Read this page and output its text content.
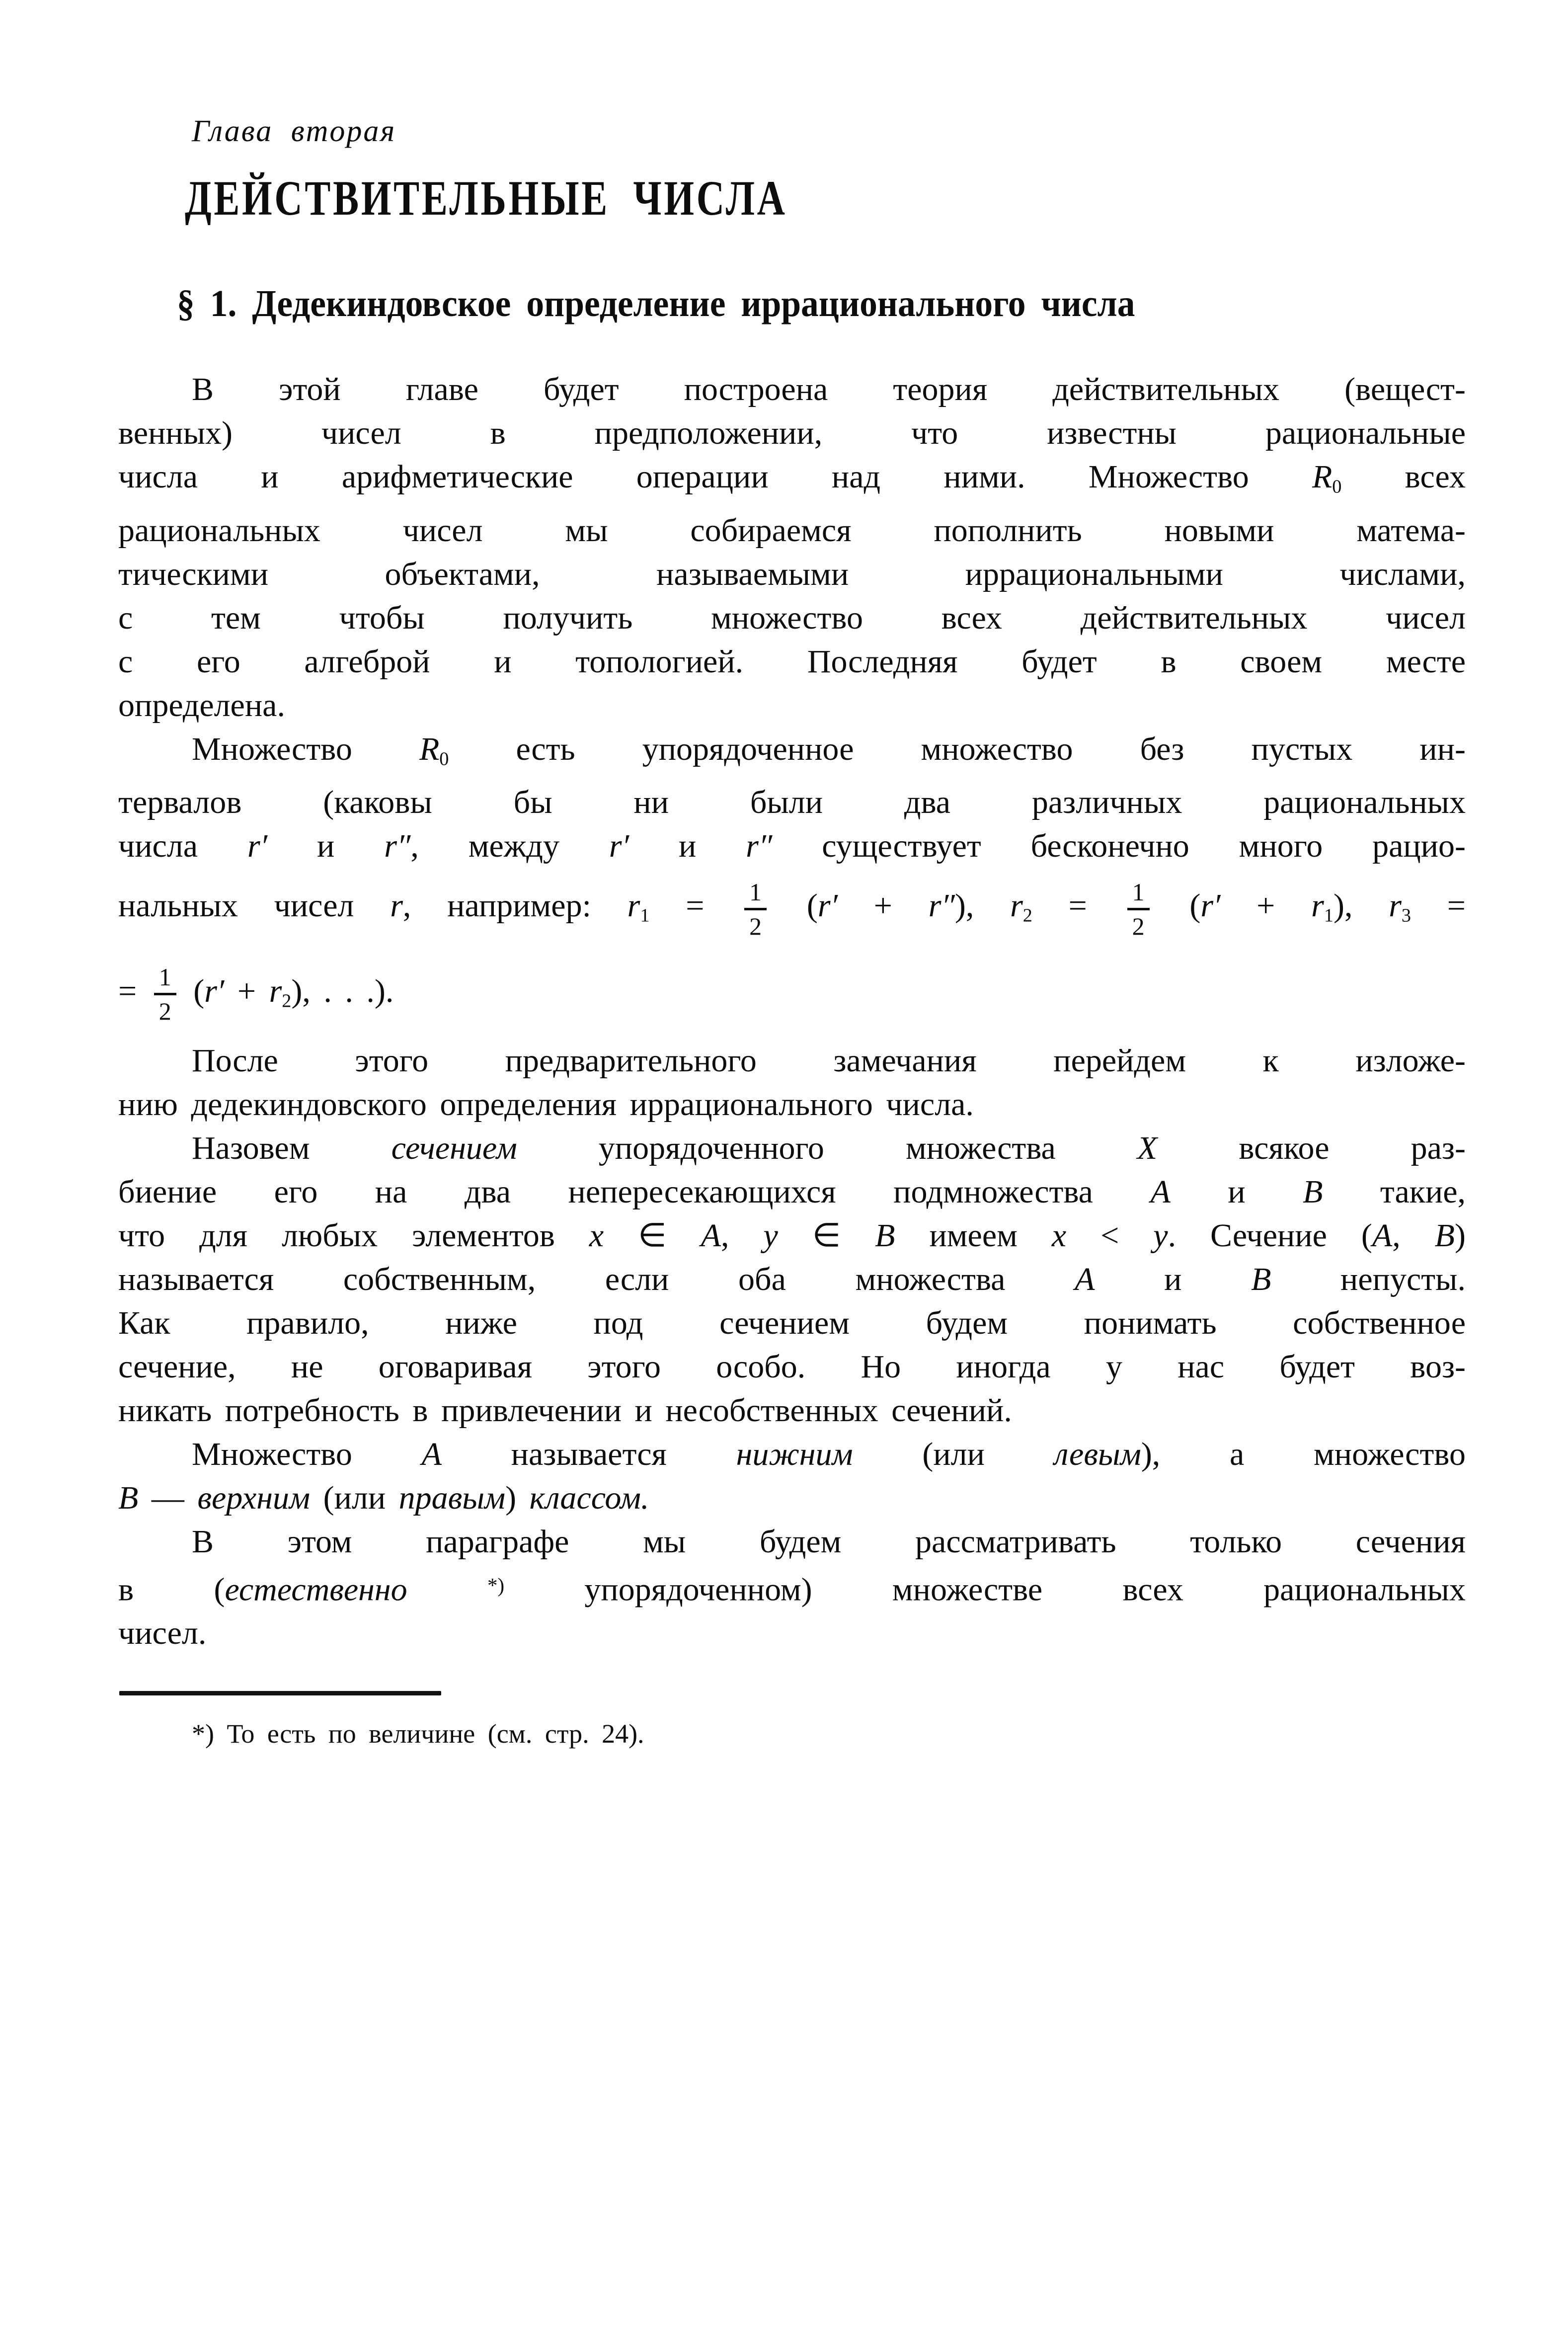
Глава вторая
ДЕЙСТВИТЕЛЬНЫЕ ЧИСЛА
§ 1. Дедекиндовское определение иррационального числа
В этой главе будет построена теория действительных (вещест-
венных) чисел в предположении, что известны рациональные
числа и арифметические операции над ними. Множество R0 всех
рациональных чисел мы собираемся пополнить новыми матема-
тическими объектами, называемыми иррациональными числами,
с тем чтобы получить множество всех действительных чисел
с его алгеброй и топологией. Последняя будет в своем месте
определена.
Множество R0 есть упорядоченное множество без пустых ин-
тервалов (каковы бы ни были два различных рациональных
числа r′ и r″, между r′ и r″ существует бесконечно много рацио-
нальных чисел r, например: $r1 = \frac{1}{2} (r' + r'')$, $r2 = \frac{1}{2} (r' + r1)$, r3 =
= $\frac{1}{2} (r' + r2)$, . . .).
После этого предварительного замечания перейдем к изложе-
нию дедекиндовского определения иррационального числа.
Назовем сечением упорядоченного множества X всякое раз-
биение его на два непересекающихся подмножества A и B такие,
что для любых элементов x ∈ A, y ∈ B имеем x < y. Сечение (A, B)
называется собственным, если оба множества A и B непусты.
Как правило, ниже под сечением будем понимать собственное
сечение, не оговаривая этого особо. Но иногда у нас будет воз-
никать потребность в привлечении и несобственных сечений.
Множество A называется нижним (или левым), а множество
B — верхним (или правым) классом.
В этом параграфе мы будем рассматривать только сечения
в (естественно	*) упорядоченном) множестве всех рациональных
чисел.
*) То есть по величине (см. стр. 24).
